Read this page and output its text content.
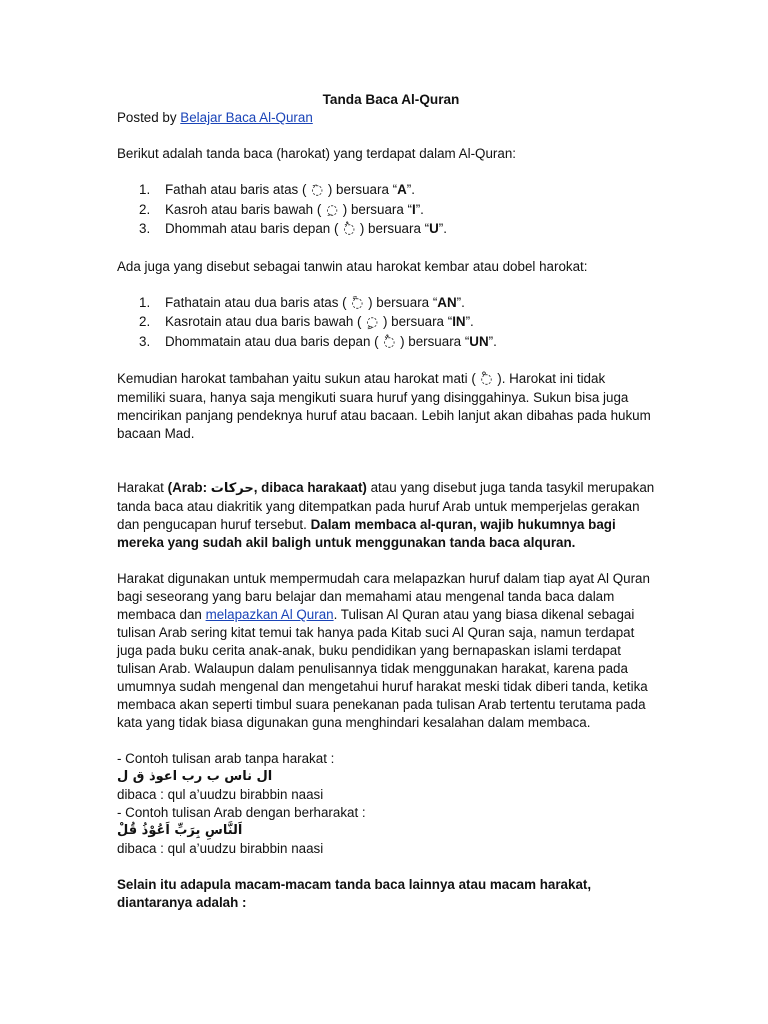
Tanda Baca Al-Quran

Posted by Belajar Baca Al-Quran

Berikut adalah tanda baca (harokat) yang terdapat dalam Al-Quran:

1. Fathah atau baris atas ( ◌َ ) bersuara “A”.
2. Kasroh atau baris bawah ( ◌ِ ) bersuara “I”.
3. Dhommah atau baris depan ( ◌ُ ) bersuara “U”.

Ada juga yang disebut sebagai tanwin atau harokat kembar atau dobel harokat:

1. Fathatain atau dua baris atas ( ◌ً ) bersuara “AN”.
2. Kasrotain atau dua baris bawah ( ◌ٍ ) bersuara “IN”.
3. Dhommatain atau dua baris depan ( ◌ٌ ) bersuara “UN”.

Kemudian harokat tambahan yaitu sukun atau harokat mati ( ◌ْ ). Harokat ini tidak memiliki suara, hanya saja mengikuti suara huruf yang disinggahinya. Sukun bisa juga mencirikan panjang pendeknya huruf atau bacaan. Lebih lanjut akan dibahas pada hukum bacaan Mad.

Harakat (Arab: حركات, dibaca harakaat) atau yang disebut juga tanda tasykil merupakan tanda baca atau diakritik yang ditempatkan pada huruf Arab untuk memperjelas gerakan dan pengucapan huruf tersebut. Dalam membaca al-quran, wajib hukumnya bagi mereka yang sudah akil baligh untuk menggunakan tanda baca alquran.

Harakat digunakan untuk mempermudah cara melapazkan huruf dalam tiap ayat Al Quran bagi seseorang yang baru belajar dan memahami atau mengenal tanda baca dalam membaca dan melapazkan Al Quran. Tulisan Al Quran atau yang biasa dikenal sebagai tulisan Arab sering kitat temui tak hanya pada Kitab suci Al Quran saja, namun terdapat juga pada buku cerita anak-anak, buku pendidikan yang bernapaskan islami terdapat tulisan Arab. Walaupun dalam penulisannya tidak menggunakan harakat, karena pada umumnya sudah mengenal dan mengetahui huruf harakat meski tidak diberi tanda, ketika membaca akan seperti timbul suara penekanan pada tulisan Arab tertentu terutama pada kata yang tidak biasa digunakan guna menghindari kesalahan dalam membaca.

- Contoh tulisan arab tanpa harakat :

ال ناس ب رب اعوذ ق ل

dibaca : qul a’uudzu birabbin naasi

- Contoh tulisan Arab dengan berharakat :

اَلنَّاسِ بِرَبِّ اَعُوْذُ قُلْ

dibaca : qul a’uudzu birabbin naasi

Selain itu adapula macam-macam tanda baca lainnya atau macam harakat, diantaranya adalah :
